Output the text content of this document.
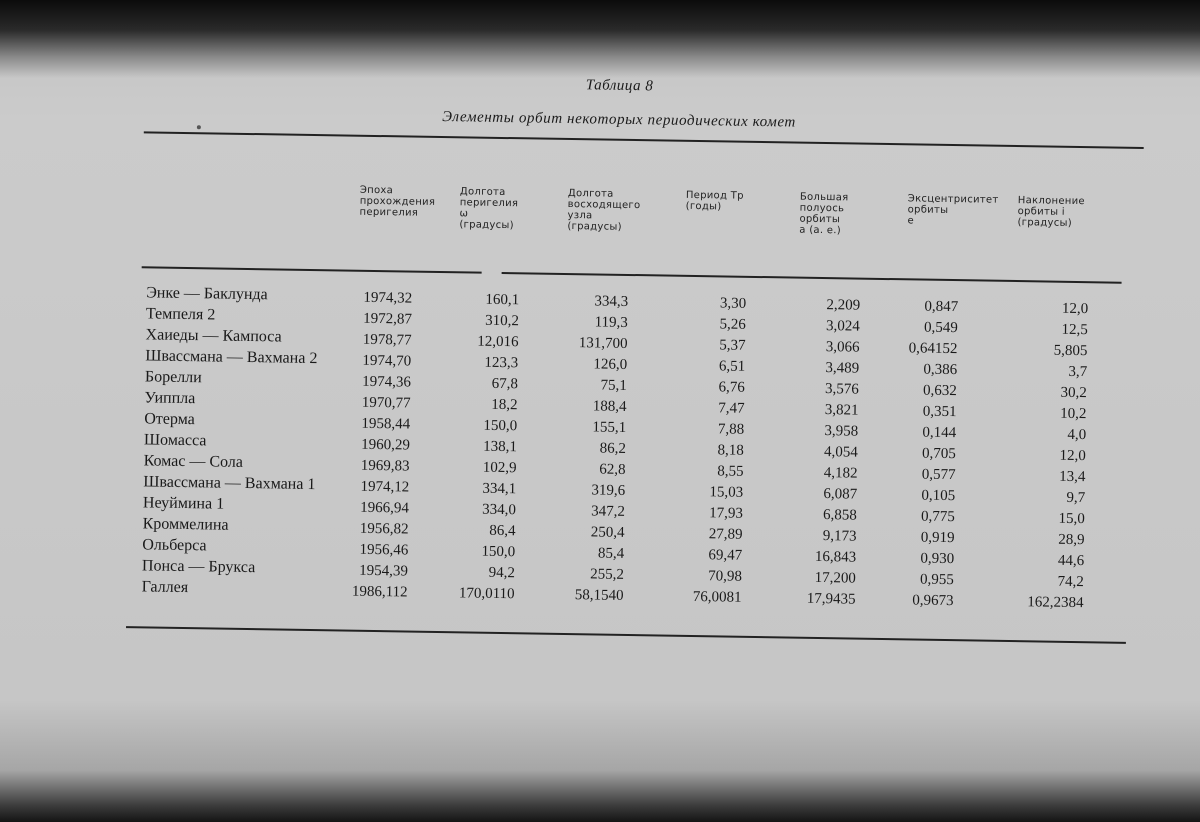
Таблица 8
Элементы орбит некоторых периодических комет
Эпоха
прохождения
перигелия
Долгота
перигелия
ω
(градусы)
Долгота
восходящего
узла
(градусы)
Период Tp
(годы)
Большая
полуось
орбиты
a (а. е.)
Эксцентриситет
орбиты
e
Наклонение
орбиты i
(градусы)
Энке — Баклунда
Темпеля 2
Хаиеды — Кампоса
Швассмана — Вахмана 2
Борелли
Уиппла
Отерма
Шомасса
Комас — Сола
Швассмана — Вахмана 1
Неуймина 1
Кроммелина
Ольберса
Понса — Брукса
Галлея
1974,32
1972,87
1978,77
1974,70
1974,36
1970,77
1958,44
1960,29
1969,83
1974,12
1966,94
1956,82
1956,46
1954,39
1986,112
160,1
310,2
12,016
123,3
67,8
18,2
150,0
138,1
102,9
334,1
334,0
86,4
150,0
94,2
170,0110
334,3
119,3
131,700
126,0
75,1
188,4
155,1
86,2
62,8
319,6
347,2
250,4
85,4
255,2
58,1540
3,30
5,26
5,37
6,51
6,76
7,47
7,88
8,18
8,55
15,03
17,93
27,89
69,47
70,98
76,0081
2,209
3,024
3,066
3,489
3,576
3,821
3,958
4,054
4,182
6,087
6,858
9,173
16,843
17,200
17,9435
0,847
0,549
0,64152
0,386
0,632
0,351
0,144
0,705
0,577
0,105
0,775
0,919
0,930
0,955
0,9673
12,0
12,5
5,805
3,7
30,2
10,2
4,0
12,0
13,4
9,7
15,0
28,9
44,6
74,2
162,2384
